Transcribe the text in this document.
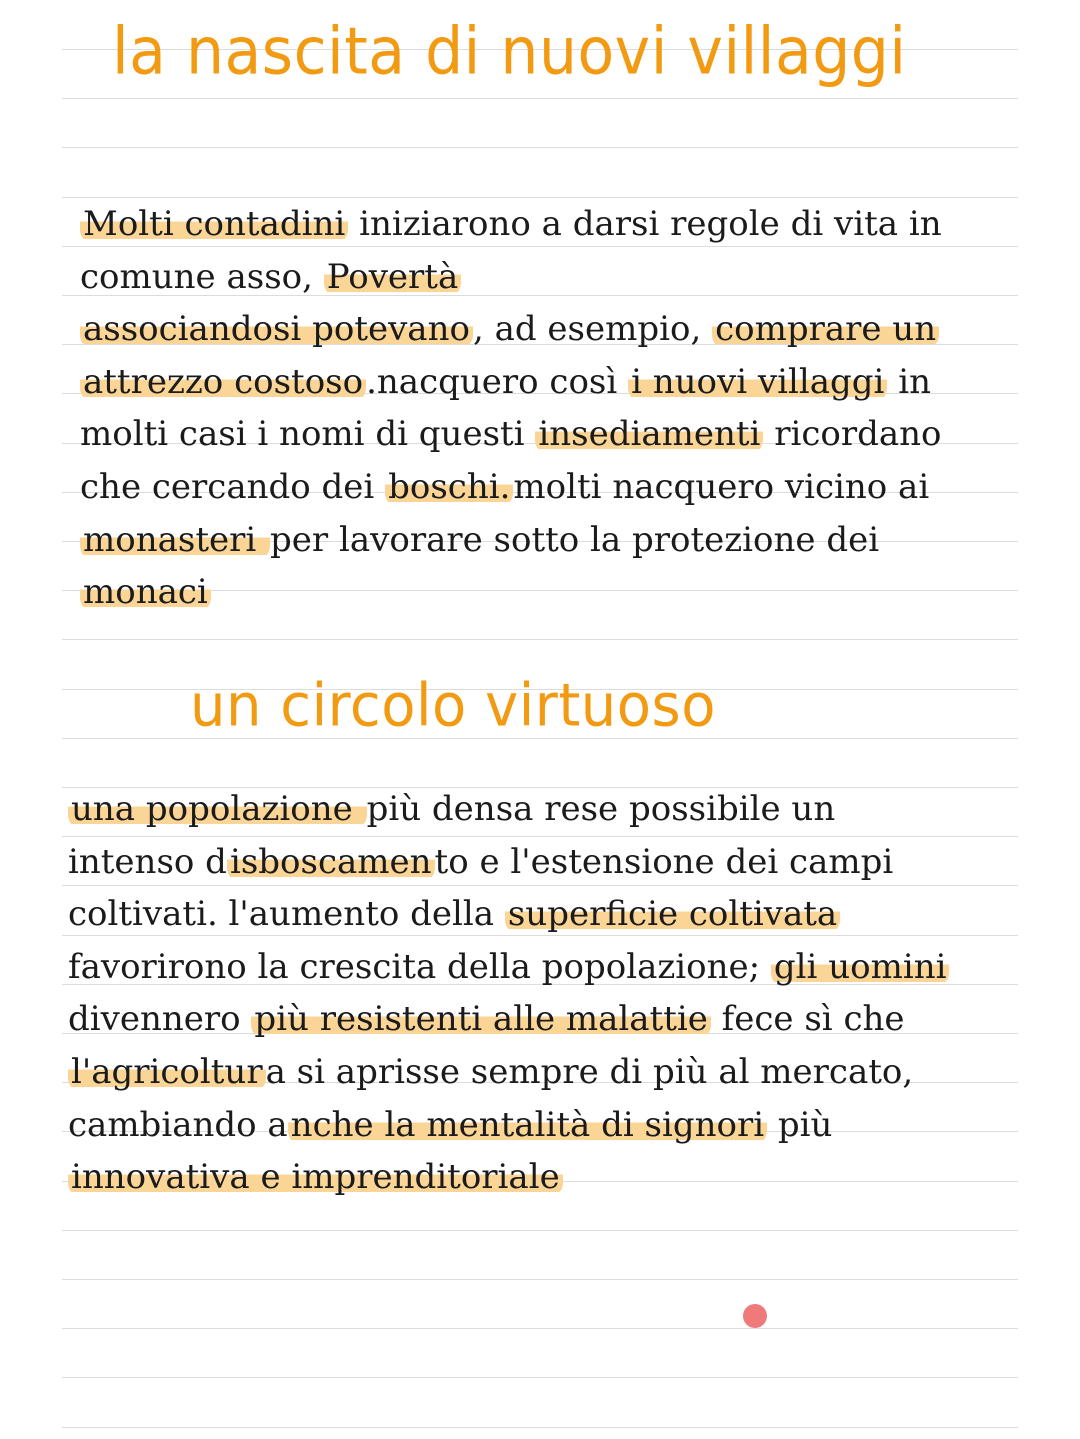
la nascita di nuovi villaggi

Molti contadini iniziarono a darsi regole di vita in
comune asso, Povertà
associandosi potevano, ad esempio, comprare un
attrezzo costoso.nacquero così i nuovi villaggi in
molti casi i nomi di questi insediamenti ricordano
che cercando dei boschi.molti nacquero vicino ai
monasteri per lavorare sotto la protezione dei
monaci

un circolo virtuoso

una popolazione più densa rese possibile un
intenso disboscamento e l'estensione dei campi
coltivati. l'aumento della superficie coltivata
favorirono la crescita della popolazione; gli uomini
divennero più resistenti alle malattie fece sì che
l'agricoltura si aprisse sempre di più al mercato,
cambiando anche la mentalità di signori più
innovativa e imprenditoriale
